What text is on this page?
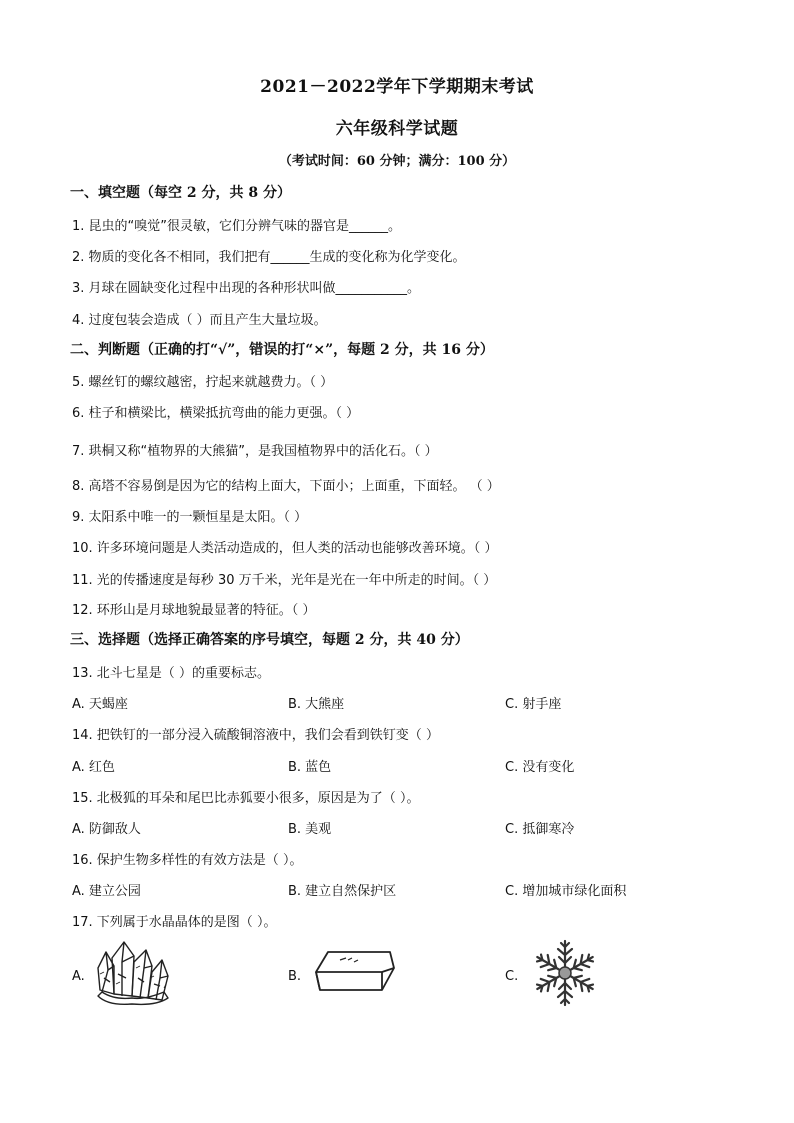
2021－2022学年下学期期末考试
六年级科学试题
（考试时间：60 分钟；满分：100 分）
一、填空题（每空 2 分，共 8 分）
1. 昆虫的“嗅觉”很灵敏，它们分辨气味的器官是______。
2. 物质的变化各不相同，我们把有______生成的变化称为化学变化。
3. 月球在圆缺变化过程中出现的各种形状叫做___________。
4. 过度包装会造成（ ）而且产生大量垃圾。
二、判断题（正确的打“√”，错误的打“×”，每题 2 分，共 16 分）
5. 螺丝钉的螺纹越密，拧起来就越费力。（ ）
6. 柱子和横梁比，横梁抵抗弯曲的能力更强。（ ）
7. 珙桐又称“植物界的大熊猫”，是我国植物界中的活化石。（ ）
8. 高塔不容易倒是因为它的结构上面大，下面小；上面重，下面轻。 （ ）
9. 太阳系中唯一的一颗恒星是太阳。（ ）
10. 许多环境问题是人类活动造成的，但人类的活动也能够改善环境。（ ）
11. 光的传播速度是每秒 30 万千米，光年是光在一年中所走的时间。（ ）
12. 环形山是月球地貌最显著的特征。（ ）
三、选择题（选择正确答案的序号填空，每题 2 分，共 40 分）
13. 北斗七星是（ ）的重要标志。
A. 天蝎座	B. 大熊座	C. 射手座
14. 把铁钉的一部分浸入硫酸铜溶液中，我们会看到铁钉变（ ）
A. 红色	B. 蓝色	C. 没有变化
15. 北极狐的耳朵和尾巴比赤狐要小很多，原因是为了（ ）。
A. 防御敌人	B. 美观	C. 抵御寒冷
16. 保护生物多样性的有效方法是（ ）。
A. 建立公园	B. 建立自然保护区	C. 增加城市绿化面积
17. 下列属于水晶晶体的是图（ ）。
A.	B.	C.
